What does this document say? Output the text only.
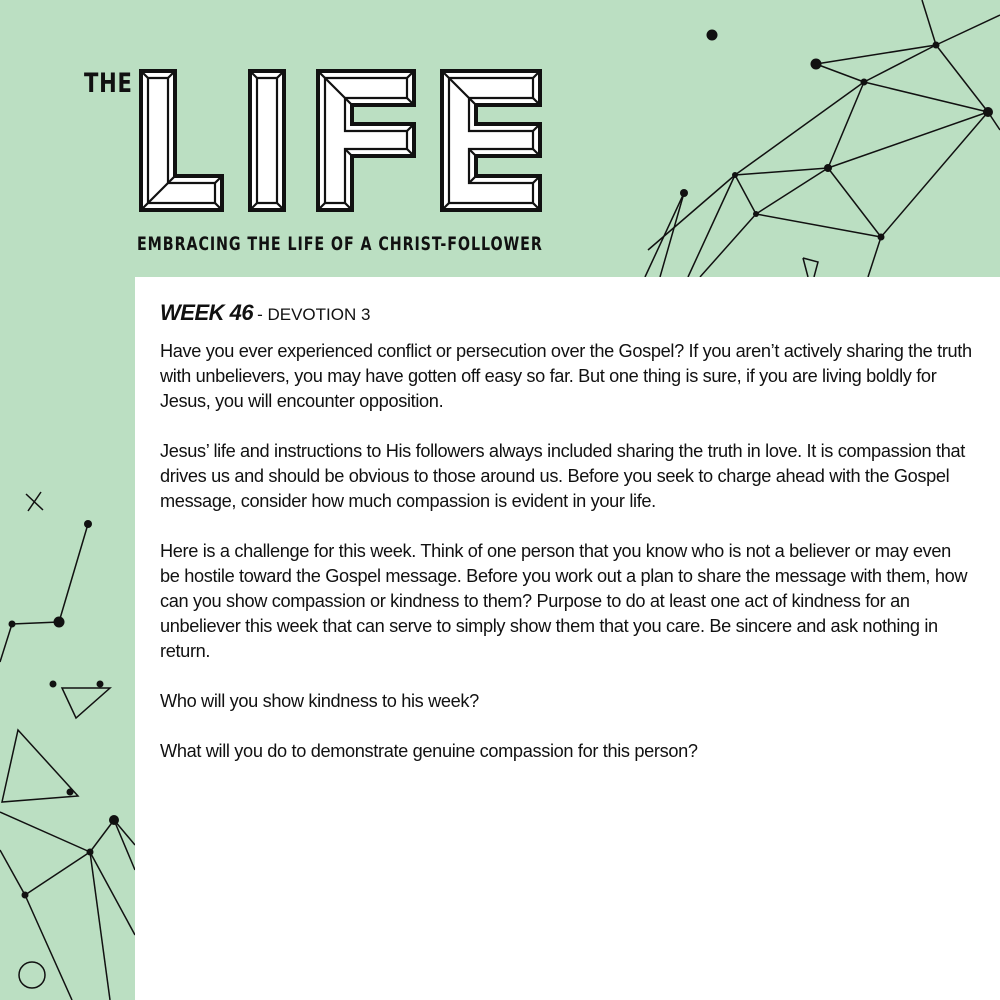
THE
EMBRACING THE LIFE OF A CHRIST-FOLLOWER
WEEK 46 - DEVOTION 3

Have you ever experienced conflict or persecution over the Gospel? If you aren’t actively sharing the truth with unbelievers, you may have gotten off easy so far. But one thing is sure, if you are living boldly for Jesus, you will encounter opposition.

Jesus’ life and instructions to His followers always included sharing the truth in love. It is compassion that drives us and should be obvious to those around us. Before you seek to charge ahead with the Gospel message, consider how much compassion is evident in your life.

Here is a challenge for this week. Think of one person that you know who is not a believer or may even be hostile toward the Gospel message. Before you work out a plan to share the message with them, how can you show compassion or kindness to them? Purpose to do at least one act of kindness for an unbeliever this week that can serve to simply show them that you care. Be sincere and ask nothing in return.

Who will you show kindness to his week?

What will you do to demonstrate genuine compassion for this person?
